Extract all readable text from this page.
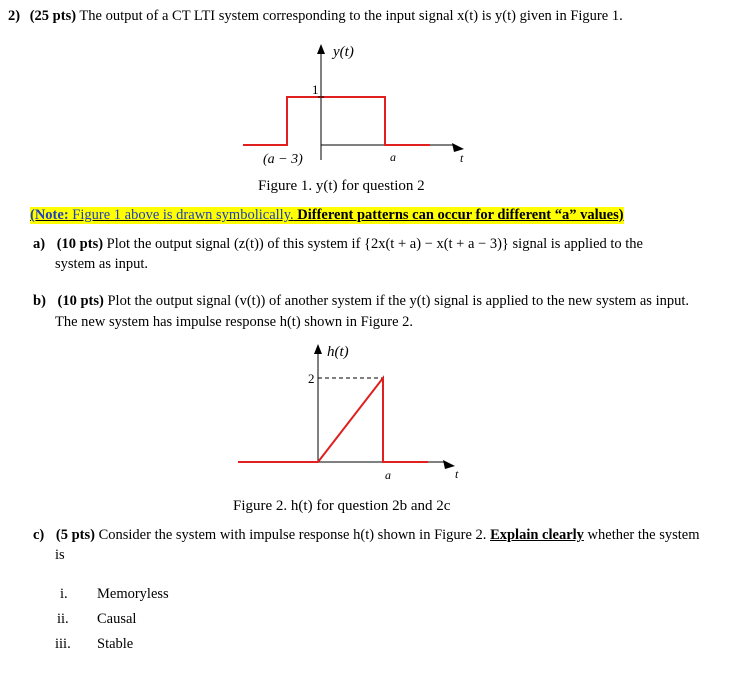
2) (25 pts) The output of a CT LTI system corresponding to the input signal x(t) is y(t) given in Figure 1.
1
y(t)
(a − 3)	a	t
Figure 1. y(t) for question 2
(Note: Figure 1 above is drawn symbolically. Different patterns can occur for different “a” values)
a) (10 pts) Plot the output signal (z(t)) of this system if {2x(t + a) − x(t + a − 3)} signal is applied to the
system as input.
b) (10 pts) Plot the output signal (v(t)) of another system if the y(t) signal is applied to the new system as input.
The new system has impulse response h(t) shown in Figure 2.
2
h(t)
a	t
Figure 2. h(t) for question 2b and 2c
c) (5 pts) Consider the system with impulse response h(t) shown in Figure 2. Explain clearly whether the system
is
i. Memoryless
ii. Causal
iii. Stable
